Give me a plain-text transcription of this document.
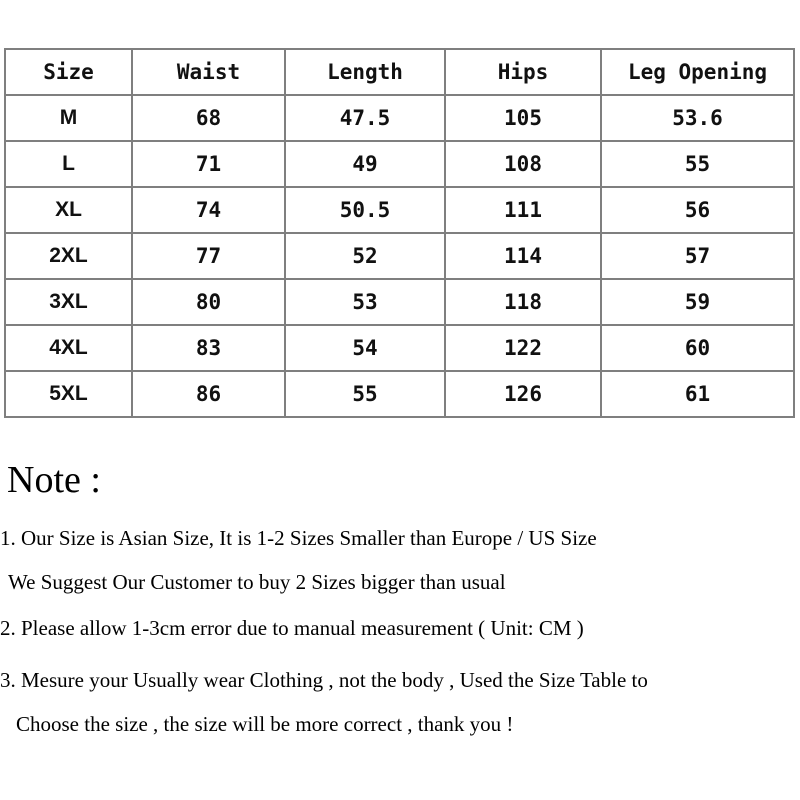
Size	Waist	Length	Hips	Leg Opening
M	68	47.5	105	53.6
L	71	49	108	55
XL	74	50.5	111	56
2XL	77	52	114	57
3XL	80	53	118	59
4XL	83	54	122	60
5XL	86	55	126	61
Note :

1. Our Size is Asian Size, It is 1-2 Sizes Smaller than Europe / US Size

We Suggest Our Customer to buy 2 Sizes bigger than usual

2. Please allow 1-3cm error due to manual measurement ( Unit: CM )

3. Mesure your Usually wear Clothing , not the body , Used the Size Table to

Choose the size , the size will be more correct , thank you !
